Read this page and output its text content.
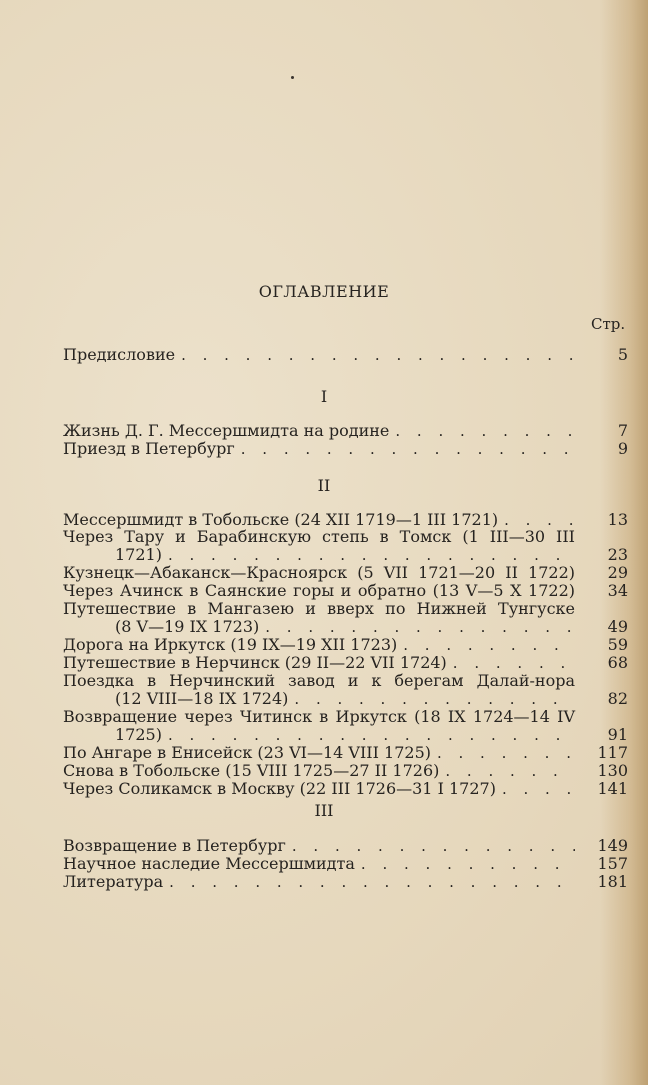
ОГЛАВЛЕНИЕ
Стр.
Предисловие . . .	5
I
Жизнь Д. Г. Мессершмидта на родине . . .	7
Приезд в Петербург . . .	9
II
Мессершмидт в Тобольске (24 XII 1719—1 III 1721) . . .	13
Через Тару и Барабинскую степь в Томск (1 III—30 III
1721) . . .	23
Кузнецк—Абаканск—Красноярск (5 VII 1721—20 II 1722)	29
Через Ачинск в Саянские горы и обратно (13 V—5 X 1722)	34
Путешествие в Мангазею и вверх по Нижней Тунгуске
(8 V—19 IX 1723) . . .	49
Дорога на Иркутск (19 IX—19 XII 1723) . . .	59
Путешествие в Нерчинск (29 II—22 VII 1724) . . .	68
Поездка в Нерчинский завод и к берегам Далай-нора
(12 VIII—18 IX 1724) . . .	82
Возвращение через Читинск в Иркутск (18 IX 1724—14 IV
1725) . . .	91
По Ангаре в Енисейск (23 VI—14 VIII 1725) . . .	117
Снова в Тобольске (15 VIII 1725—27 II 1726) . . .	130
Через Соликамск в Москву (22 III 1726—31 I 1727) . . .	141
III
Возвращение в Петербург . . .	149
Научное наследие Мессершмидта . . .	157
Литература . . .	181
